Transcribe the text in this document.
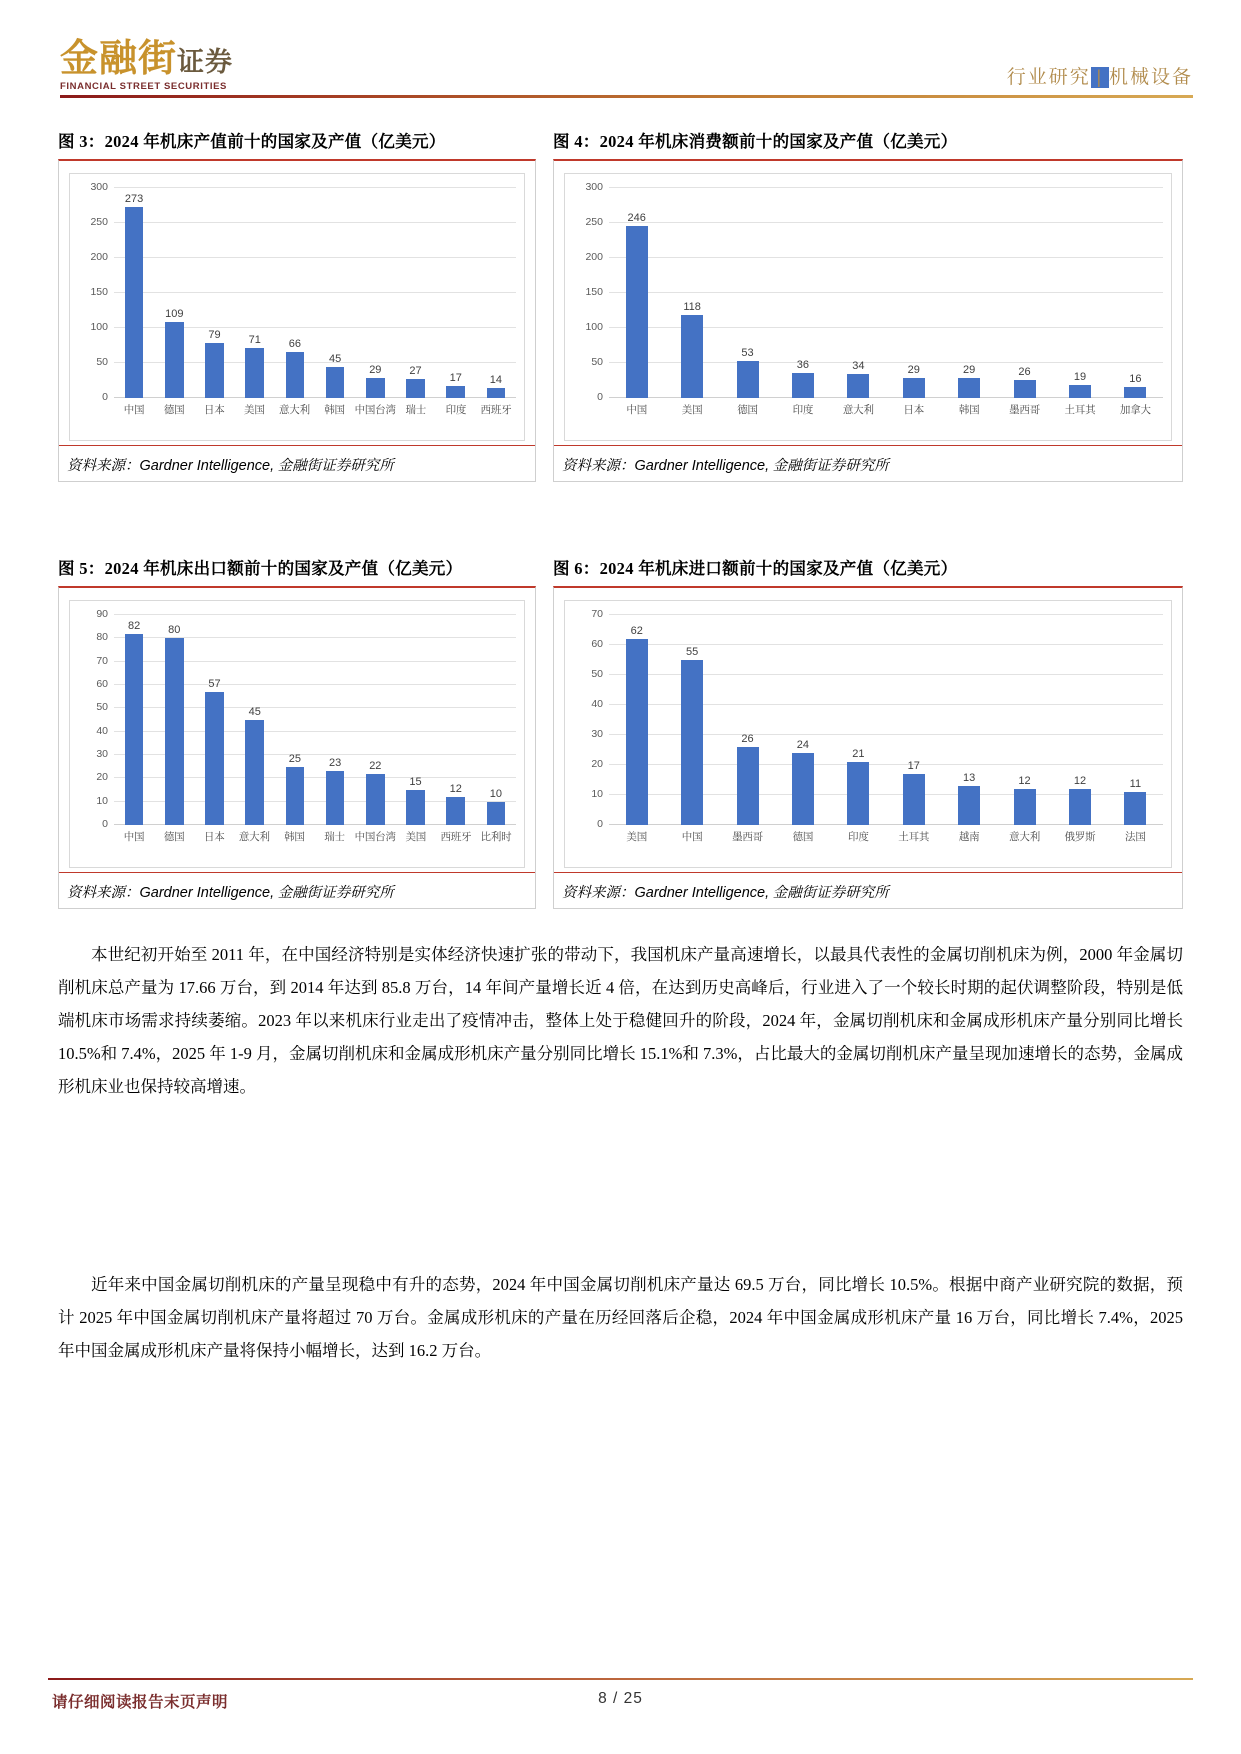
金融街证券
FINANCIAL STREET SECURITIES	行业研究 | 机械设备
图 3：2024 年机床产值前十的国家及产值（亿美元）
0
50
100
150
200
250
300
273
109
79	71	66
45
29	27
17	14
中国	德国	日本	美国	意大利	韩国 中国台湾 瑞士	印度	西班牙
资料来源：Gardner Intelligence, 金融街证券研究所
图 4：2024 年机床消费额前十的国家及产值（亿美元）
0
50
100
150
200
250
300
246
118
53
36	34	29	29	26	19	16
中国	美国	德国	印度	意大利	日本	韩国	墨西哥	土耳其	加拿大
资料来源：Gardner Intelligence, 金融街证券研究所
图 5：2024 年机床出口额前十的国家及产值（亿美元）
0
10
20
30
40
50
60
70
80
90
82	80
57
45
25	23	22
15
12	10
中国	德国	日本	意大利	韩国	瑞士 中国台湾 美国	西班牙 比利时
资料来源：Gardner Intelligence, 金融街证券研究所
图 6：2024 年机床进口额前十的国家及产值（亿美元）
0
10
20
30
40
50
60
70
62
55
26
24
21
17
13	12	12	11
美国	中国	墨西哥	德国	印度	土耳其	越南	意大利	俄罗斯	法国
资料来源：Gardner Intelligence, 金融街证券研究所

本世纪初开始至 2011 年，在中国经济特别是实体经济快速扩张的带动下，我国机床产量高速增长，以最具代表性的金属切削机床为例，2000 年金属切削机床总产量为 17.66 万台，到 2014 年达到 85.8 万台，14 年间产量增长近 4 倍，在达到历史高峰后，行业进入了一个较长时期的起伏调整阶段，特别是低端机床市场需求持续萎缩。2023 年以来机床行业走出了疫情冲击，整体上处于稳健回升的阶段，2024 年，金属切削机床和金属成形机床产量分别同比增长 10.5%和 7.4%，2025 年 1-9 月，金属切削机床和金属成形机床产量分别同比增长 15.1%和 7.3%，占比最大的金属切削机床产量呈现加速增长的态势，金属成形机床业也保持较高增速。

近年来中国金属切削机床的产量呈现稳中有升的态势，2024 年中国金属切削机床产量达 69.5 万台，同比增长 10.5%。根据中商产业研究院的数据，预计 2025 年中国金属切削机床产量将超过 70 万台。金属成形机床的产量在历经回落后企稳，2024 年中国金属成形机床产量 16 万台，同比增长 7.4%，2025 年中国金属成形机床产量将保持小幅增长，达到 16.2 万台。

请仔细阅读报告末页声明	8 / 25
